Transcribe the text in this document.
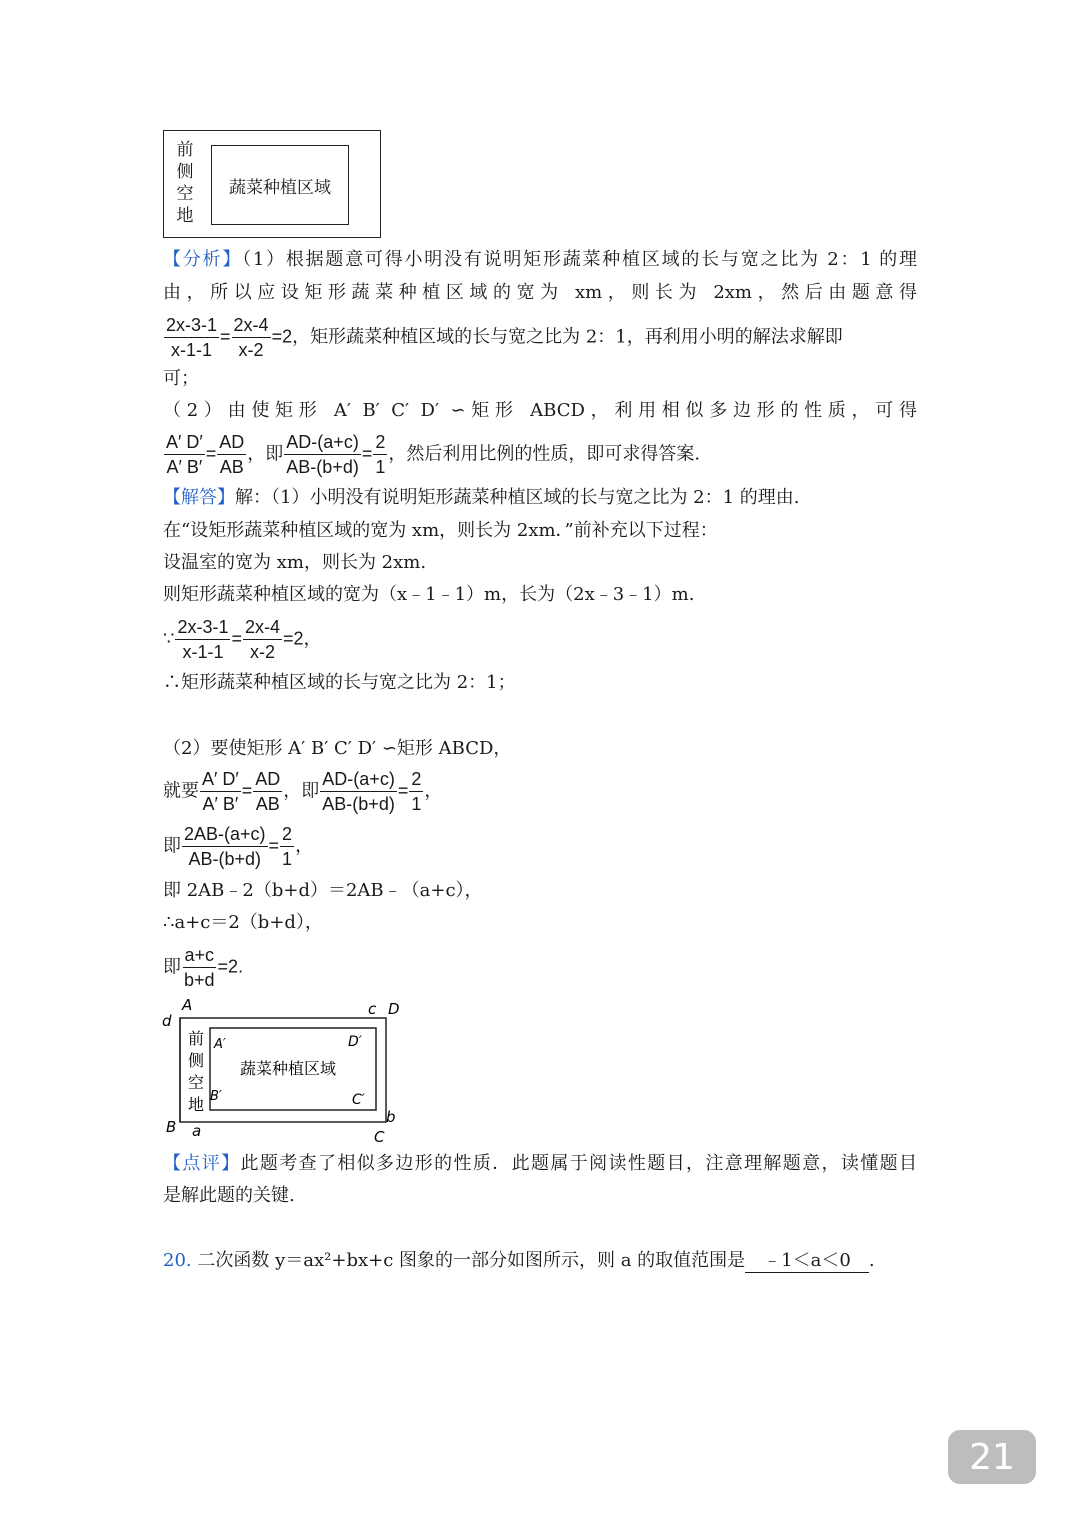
前
侧
空
地
蔬菜种植区域
【分析】（1）根据题意可得小明没有说明矩形蔬菜种植区域的长与宽之比为 2：1 的理
由，所以应设矩形蔬菜种植区域的宽为 xm，则长为 2xm，然后由题意得
$\frac{2x-3-1}{x-1-1} = \frac{2x-4}{x-2} =2$，矩形蔬菜种植区域的长与宽之比为 2：1，再利用小明的解法求解即
可；
（2）由使矩形 A′ B′ C′ D′ ∽矩形 ABCD，利用相似多边形的性质，可得
$\frac{A' D'}{A' B'} = \frac{AD}{AB}$ ，即 $\frac{AD-(a+c)}{AB-(b+d)} = \frac{2}{1}$ ，然后利用比例的性质，即可求得答案.
【解答】解：（1）小明没有说明矩形蔬菜种植区域的长与宽之比为 2：1 的理由.
在“设矩形蔬菜种植区域的宽为 xm，则长为 2xm．”前补充以下过程：
设温室的宽为 xm，则长为 2xm.
则矩形蔬菜种植区域的宽为（x﹣1﹣1）m，长为（2x﹣3﹣1）m.
∵ $\frac{2x-3-1}{x-1-1} = \frac{2x-4}{x-2} =2$，
∴矩形蔬菜种植区域的长与宽之比为 2：1；
（2）要使矩形 A′ B′ C′ D′ ∽矩形 ABCD，
就要 $\frac{A' D'}{A' B'} = \frac{AD}{AB}$ ，即 $\frac{AD-(a+c)}{AB-(b+d)} = \frac{2}{1}$ ，
即 $\frac{2AB-(a+c)}{AB-(b+d)} = \frac{2}{1}$ ，
即 2AB﹣2（b+d）＝2AB﹣（a+c），
∴a+c＝2（b+d），
即 $\frac{a+c}{b+d} =2$.
前
侧
空
地
蔬菜种植区域
A
d
c D
A′	D′
B′	C′
b
B a	C
【点评】此题考查了相似多边形的性质．此题属于阅读性题目，注意理解题意，读懂题目
是解此题的关键.
20. 二次函数 y＝ax²+bx+c 图象的一部分如图所示，则 a 的取值范围是 ﹣1＜a＜0 .
21
